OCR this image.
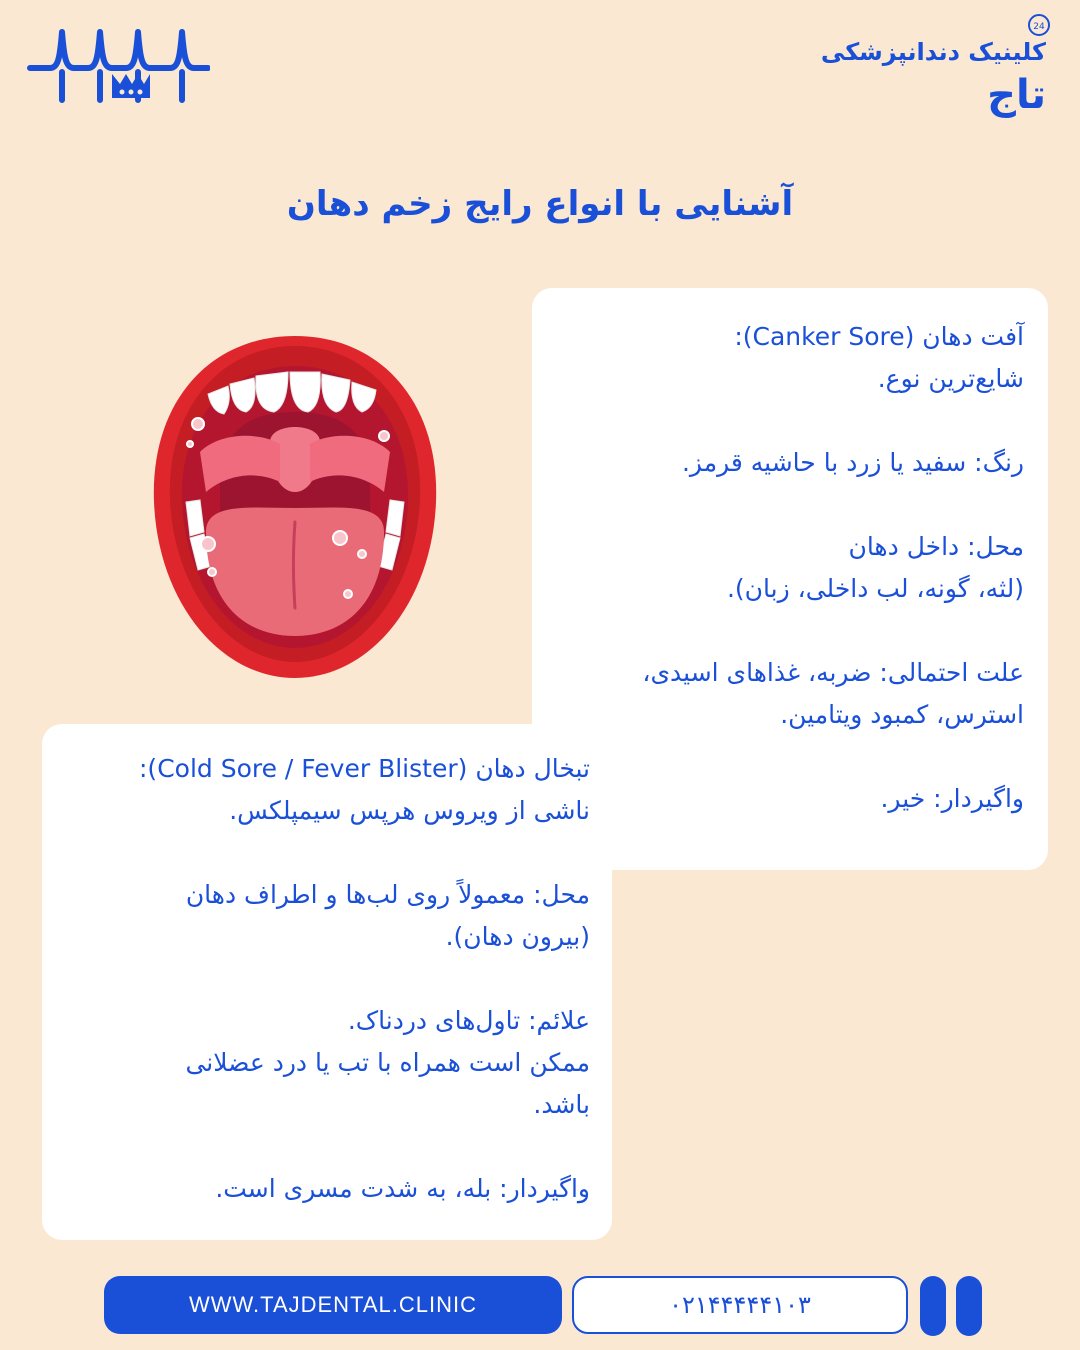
24
کلینیک دندانپزشکی
تاج
آشنایی با انواع رایج زخم دهان

آفت دهان (Canker Sore):

شایع‌ترین نوع.

رنگ: سفید یا زرد با حاشیه قرمز.

محل: داخل دهان

(لثه، گونه، لب داخلی، زبان).

علت احتمالی: ضربه، غذاهای اسیدی،

استرس، کمبود ویتامین.

واگیردار: خیر.

تبخال دهان (Cold Sore / Fever Blister):

ناشی از ویروس هرپس سیمپلکس.

محل: معمولاً روی لب‌ها و اطراف دهان

(بیرون دهان).

علائم: تاول‌های دردناک.

ممکن است همراه با تب یا درد عضلانی

باشد.

واگیردار: بله، به شدت مسری است.

WWW.TAJDENTAL.CLINIC	۰۲۱۴۴۴۴۴۱۰۳
